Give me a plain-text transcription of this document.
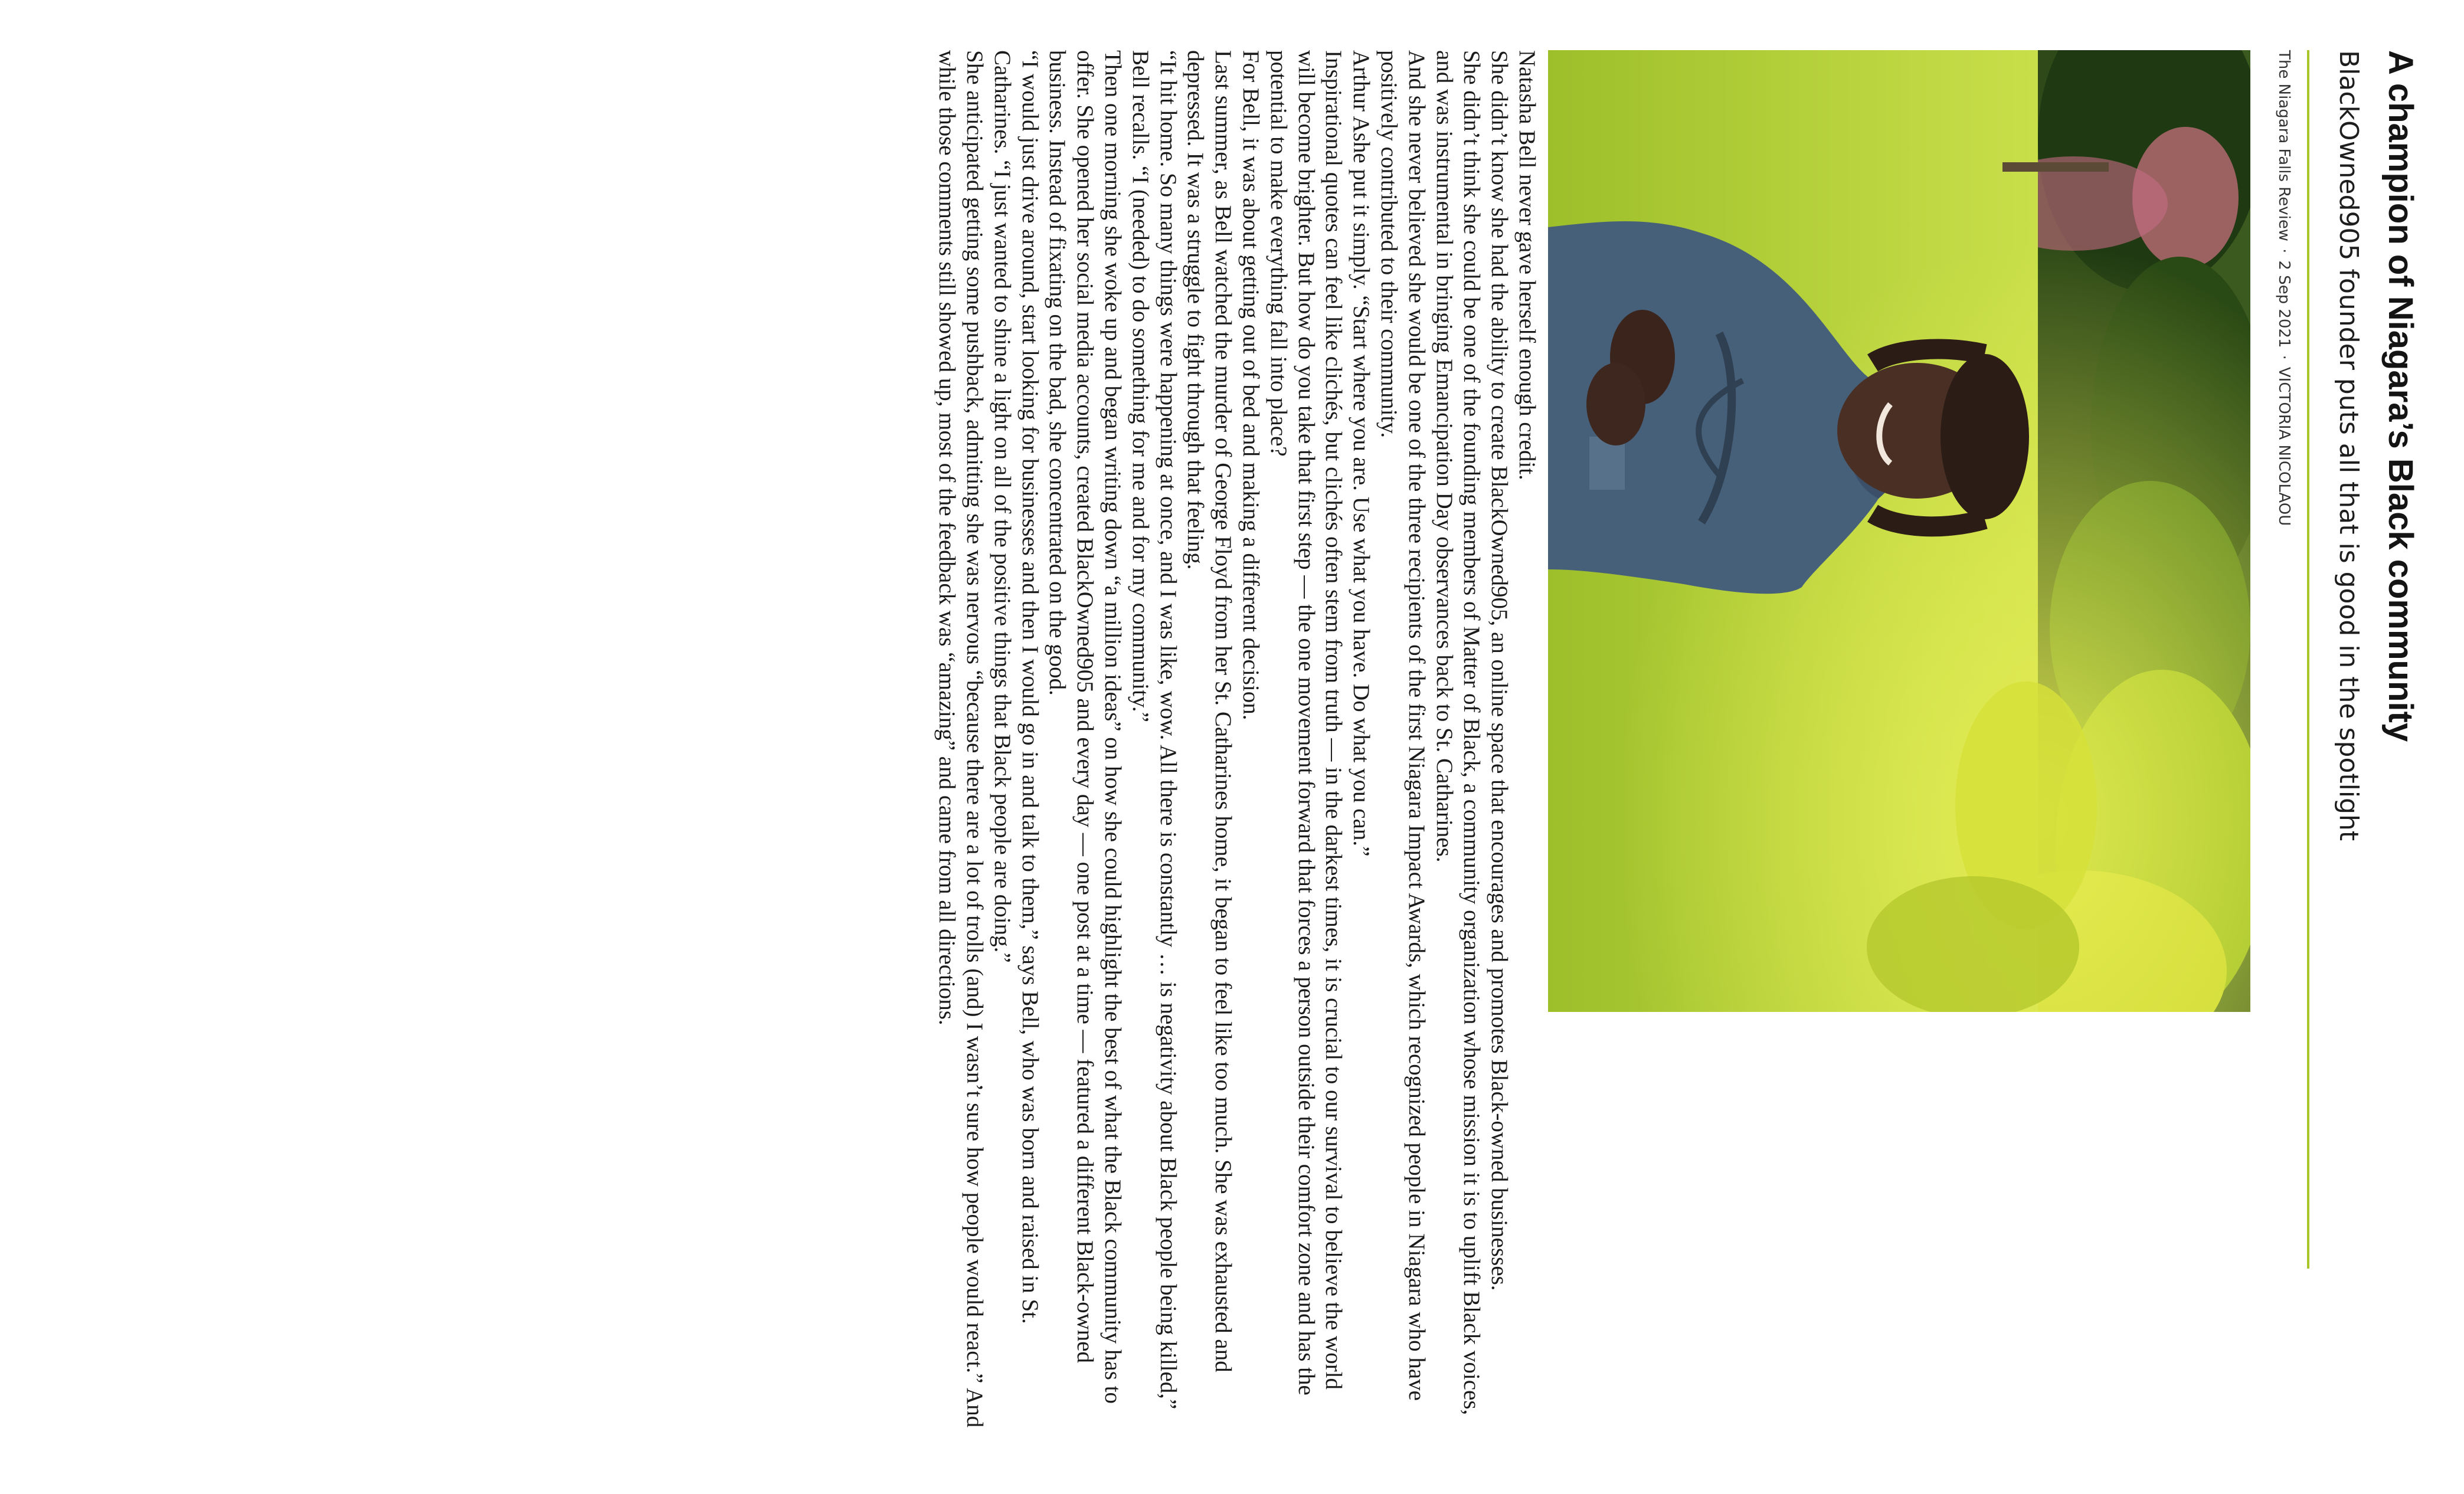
A champion of Niagara’s Black community
BlackOwned905 founder puts all that is good in the spotlight
The Niagara Falls Review·2 Sep 2021·VICTORIA NICOLAOU

Natasha Bell never gave herself enough credit.

She didn’t know she had the ability to create BlackOwned905, an online space that encourages and promotes Black-owned businesses.

She didn’t think she could be one of the founding members of Matter of Black, a community organization whose mission it is to uplift Black voices, and was instrumental in bringing Emancipation Day observances back to St. Catharines.

And she never believed she would be one of the three recipients of the first Niagara Impact Awards, which recognized people in Niagara who have positively contributed to their community.

Arthur Ashe put it simply. “Start where you are. Use what you have. Do what you can.”

Inspirational quotes can feel like clichés, but clichés often stem from truth — in the darkest times, it is crucial to our survival to believe the world will become brighter. But how do you take that first step — the one movement forward that forces a person outside their comfort zone and has the potential to make everything fall into place?

For Bell, it was about getting out of bed and making a different decision.

Last summer, as Bell watched the murder of George Floyd from her St. Catharines home, it began to feel like too much. She was exhausted and depressed. It was a struggle to fight through that feeling.

“It hit home. So many things were happening at once, and I was like, wow. All there is constantly … is negativity about Black people being killed,” Bell recalls. “I (needed) to do something for me and for my community.”

Then one morning she woke up and began writing down “a million ideas” on how she could highlight the best of what the Black community has to offer. She opened her social media accounts, created BlackOwned905 and every day — one post at a time — featured a different Black-owned business. Instead of fixating on the bad, she concentrated on the good.

“I would just drive around, start looking for businesses and then I would go in and talk to them,” says Bell, who was born and raised in St. Catharines. “I just wanted to shine a light on all of the positive things that Black people are doing.”

She anticipated getting some pushback, admitting she was nervous “because there are a lot of trolls (and) I wasn’t sure how people would react.” And while those comments still showed up, most of the feedback was “amazing” and came from all directions.
